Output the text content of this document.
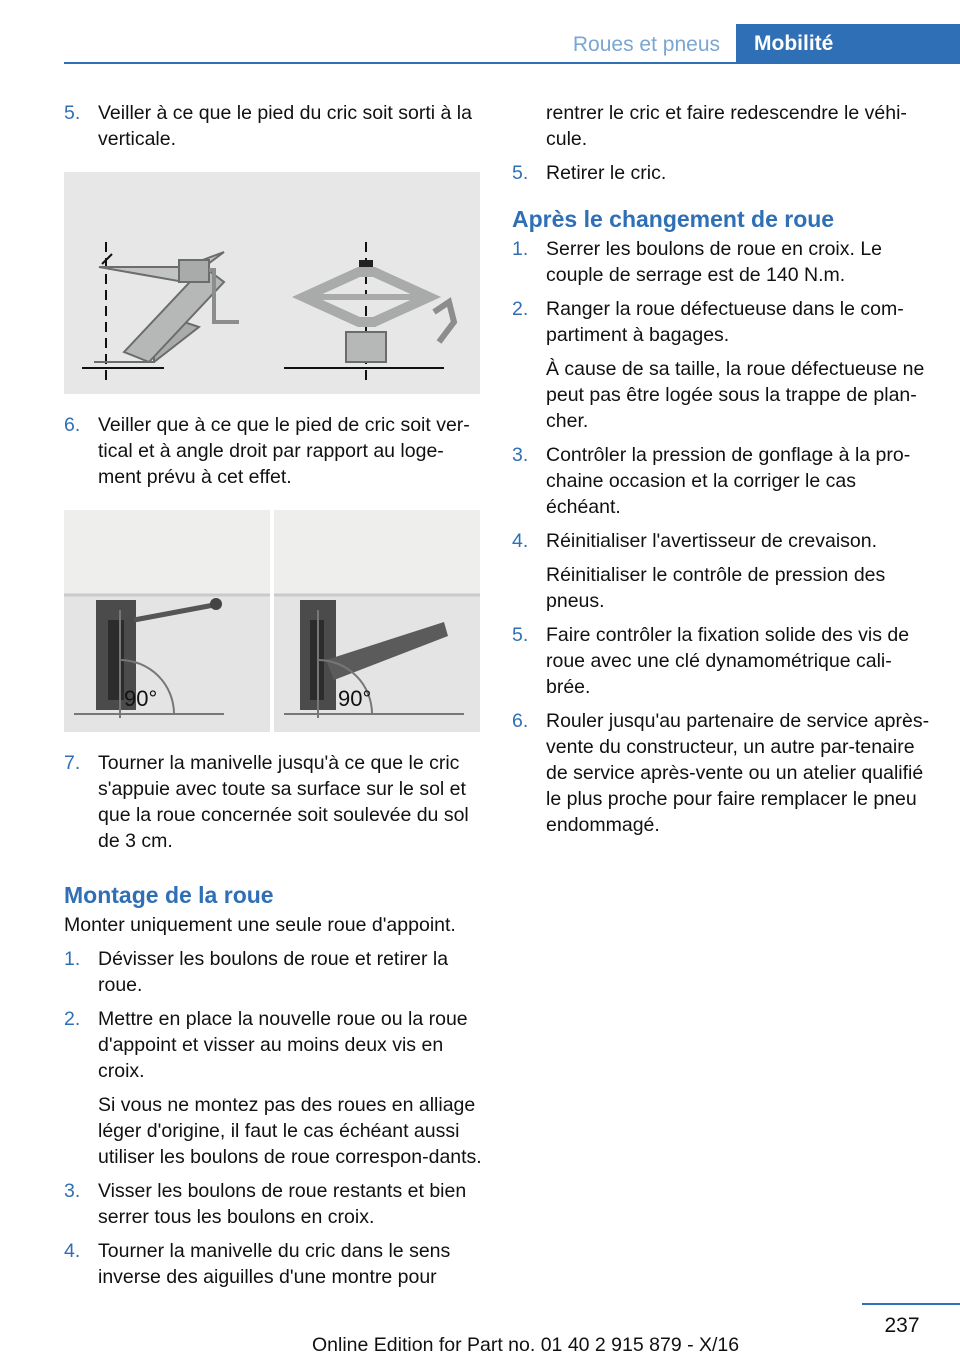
Roues et pneus	Mobilité
5. Veiller à ce que le pied du cric soit sorti à la verticale.
6. Veiller que à ce que le pied de cric soit ver‐tical et à angle droit par rapport au loge‐ment prévu à cet effet.
90°	90°
7. Tourner la manivelle jusqu'à ce que le cric s'appuie avec toute sa surface sur le sol et que la roue concernée soit soulevée du sol de 3 cm.
Montage de la roue
Monter uniquement une seule roue d'appoint.
1. Dévisser les boulons de roue et retirer la roue.
2. Mettre en place la nouvelle roue ou la roue d'appoint et visser au moins deux vis en croix.
Si vous ne montez pas des roues en alliage léger d'origine, il faut le cas échéant aussi utiliser les boulons de roue correspon‐dants.
3. Visser les boulons de roue restants et bien serrer tous les boulons en croix.
4. Tourner la manivelle du cric dans le sens inverse des aiguilles d'une montre pour
rentrer le cric et faire redescendre le véhi‐cule.
5. Retirer le cric.
Après le changement de roue
1. Serrer les boulons de roue en croix. Le couple de serrage est de 140 N.m.
2. Ranger la roue défectueuse dans le com‐partiment à bagages.
À cause de sa taille, la roue défectueuse ne peut pas être logée sous la trappe de plan‐cher.
3. Contrôler la pression de gonflage à la pro‐chaine occasion et la corriger le cas échéant.
4. Réinitialiser l'avertisseur de crevaison.
Réinitialiser le contrôle de pression des pneus.
5. Faire contrôler la fixation solide des vis de roue avec une clé dynamométrique cali‐brée.
6. Rouler jusqu'au partenaire de service après-vente du constructeur, un autre par‐tenaire de service après-vente ou un atelier qualifié le plus proche pour faire remplacer le pneu endommagé.
237
Online Edition for Part no. 01 40 2 915 879 - X/16
